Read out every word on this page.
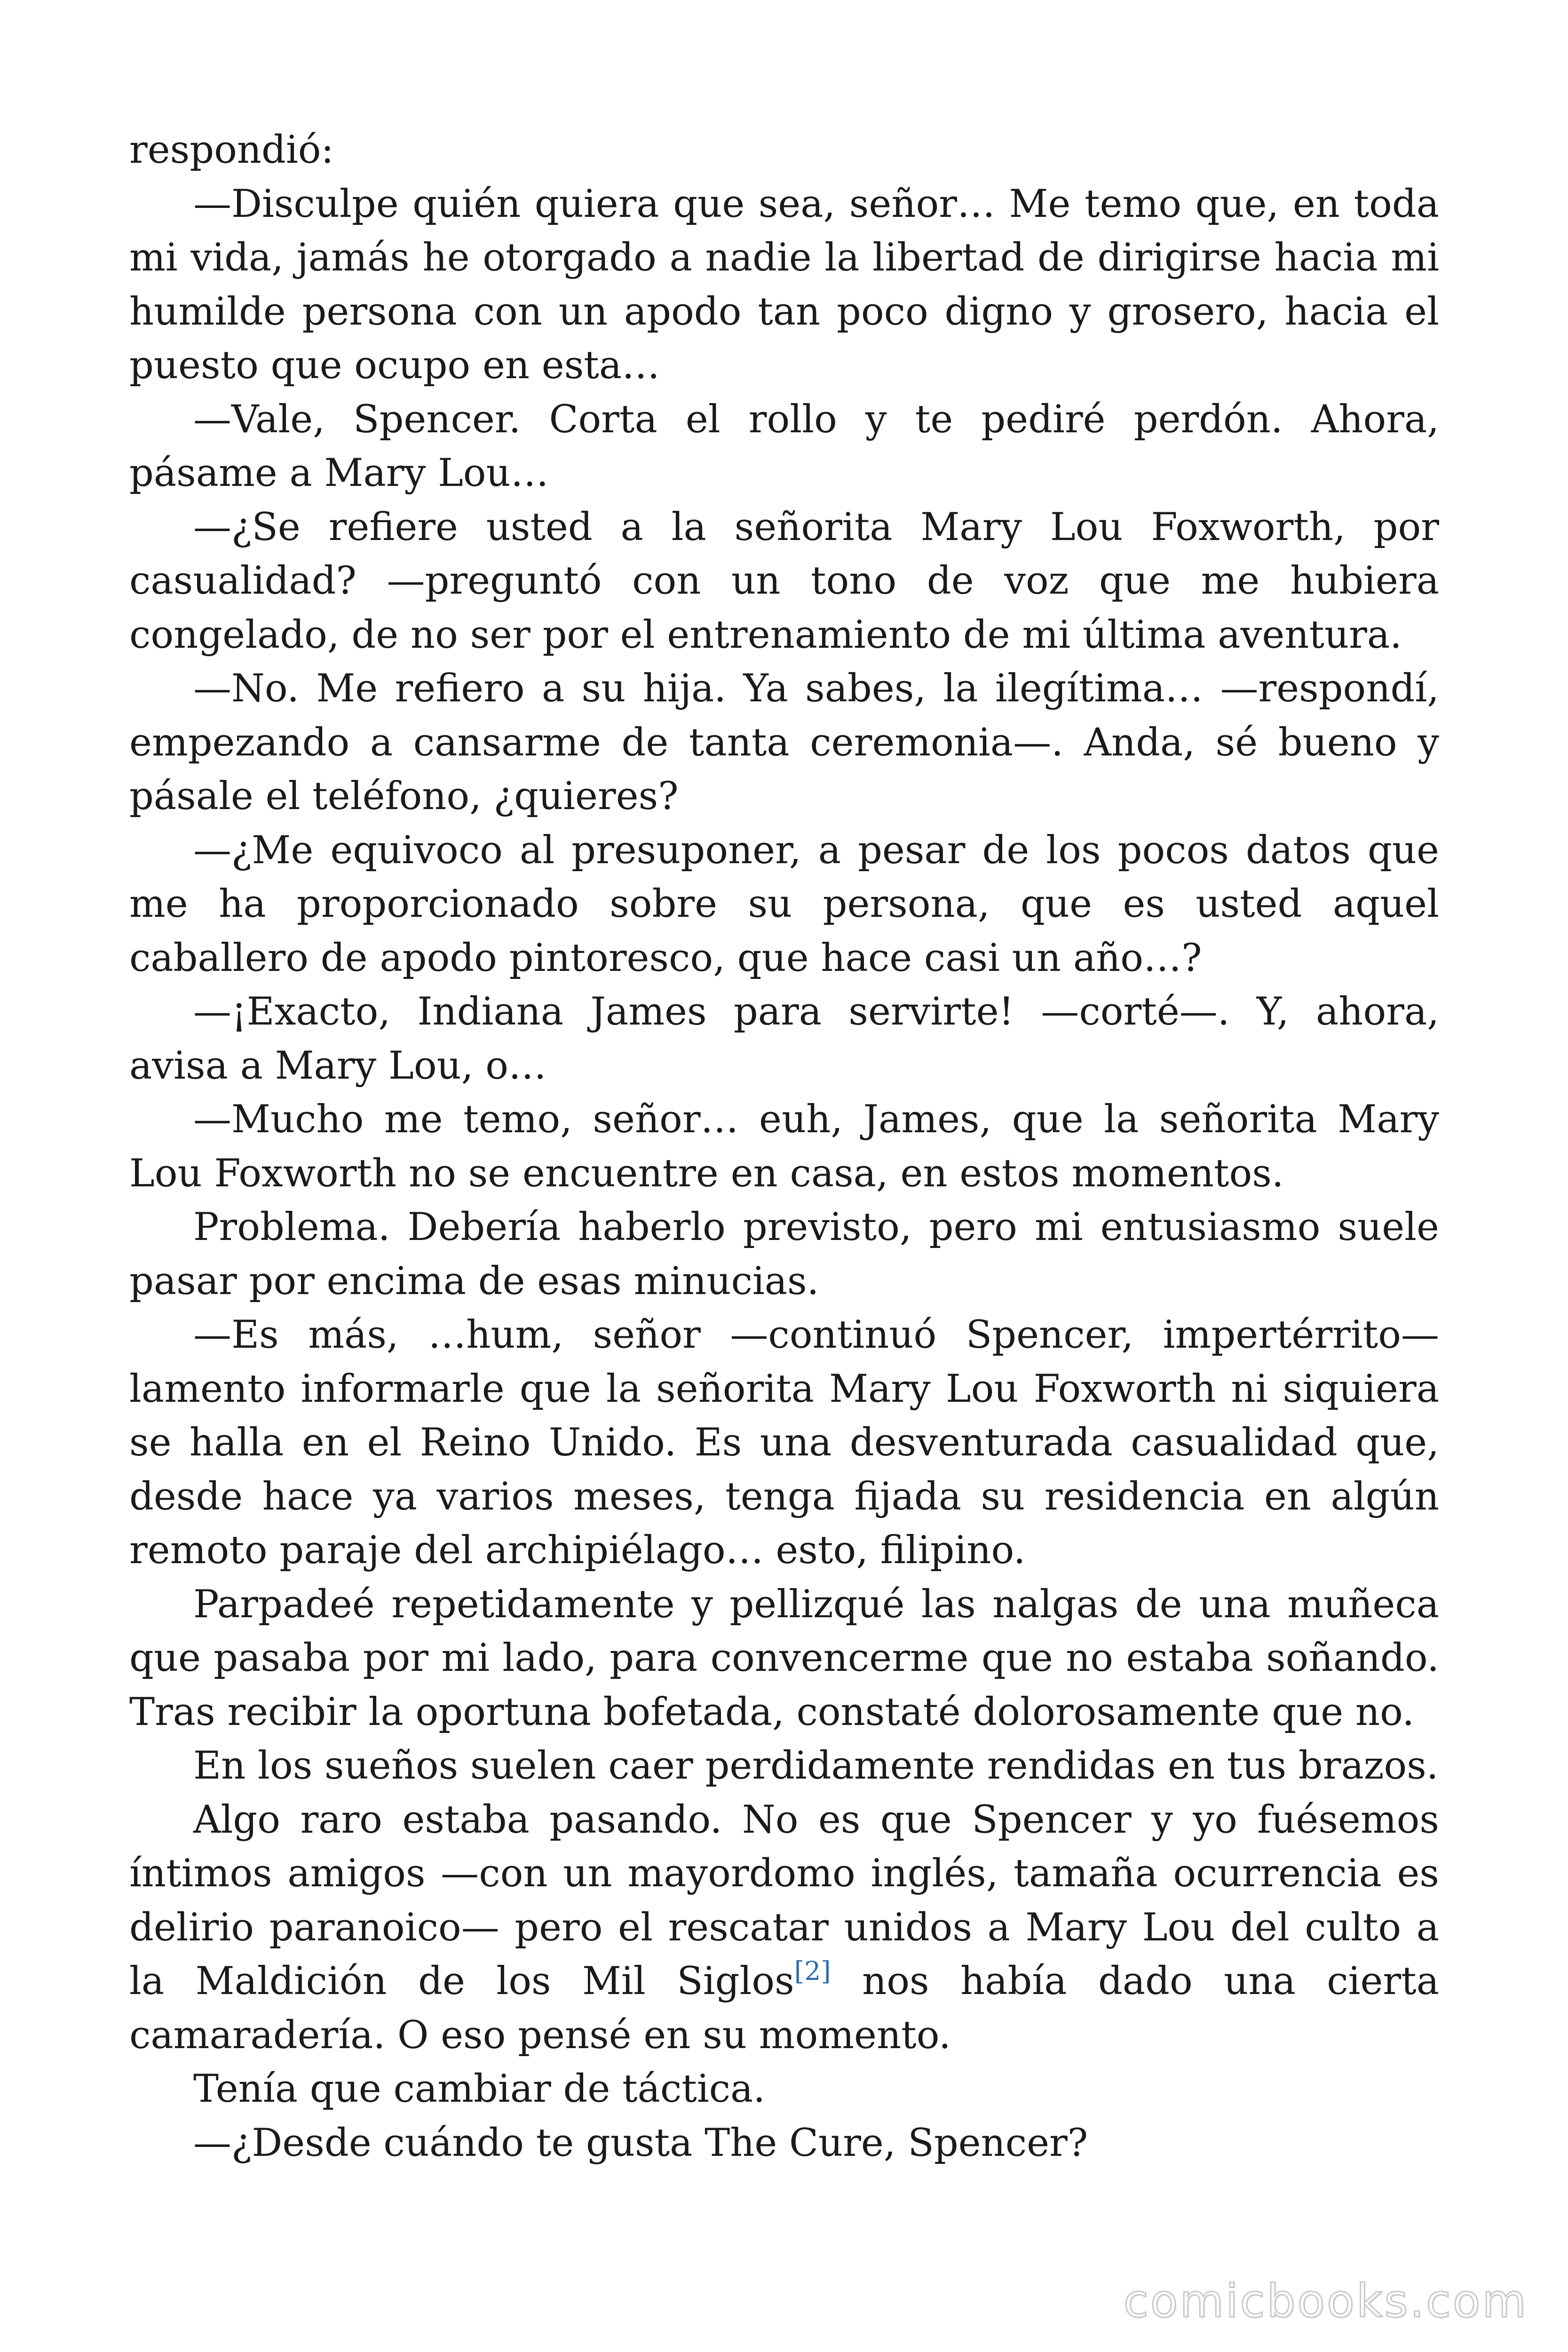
respondió:

—Disculpe quién quiera que sea, señor… Me temo que, en toda mi vida, jamás he otorgado a nadie la libertad de dirigirse hacia mi humilde persona con un apodo tan poco digno y grosero, hacia el puesto que ocupo en esta…

—Vale, Spencer. Corta el rollo y te pediré perdón. Ahora, pásame a Mary Lou…

—¿Se refiere usted a la señorita Mary Lou Foxworth, por casualidad? —preguntó con un tono de voz que me hubiera congelado, de no ser por el entrenamiento de mi última aventura.

—No. Me refiero a su hija. Ya sabes, la ilegítima… —respondí, empezando a cansarme de tanta ceremonia—. Anda, sé bueno y pásale el teléfono, ¿quieres?

—¿Me equivoco al presuponer, a pesar de los pocos datos que me ha proporcionado sobre su persona, que es usted aquel caballero de apodo pintoresco, que hace casi un año…?

—¡Exacto, Indiana James para servirte! —corté—. Y, ahora, avisa a Mary Lou, o…

—Mucho me temo, señor… euh, James, que la señorita Mary Lou Foxworth no se encuentre en casa, en estos momentos.

Problema. Debería haberlo previsto, pero mi entusiasmo suele pasar por encima de esas minucias.

—Es más, …hum, señor —continuó Spencer, impertérrito— lamento informarle que la señorita Mary Lou Foxworth ni siquiera se halla en el Reino Unido. Es una desventurada casualidad que, desde hace ya varios meses, tenga fijada su residencia en algún remoto paraje del archipiélago… esto, filipino.

Parpadeé repetidamente y pellizqué las nalgas de una muñeca que pasaba por mi lado, para convencerme que no estaba soñando. Tras recibir la oportuna bofetada, constaté dolorosamente que no.

En los sueños suelen caer perdidamente rendidas en tus brazos.

Algo raro estaba pasando. No es que Spencer y yo fuésemos íntimos amigos —con un mayordomo inglés, tamaña ocurrencia es delirio paranoico— pero el rescatar unidos a Mary Lou del culto a la Maldición de los Mil Siglos[2] nos había dado una cierta camaradería. O eso pensé en su momento.

Tenía que cambiar de táctica.

—¿Desde cuándo te gusta The Cure, Spencer?

comicbooks.com
